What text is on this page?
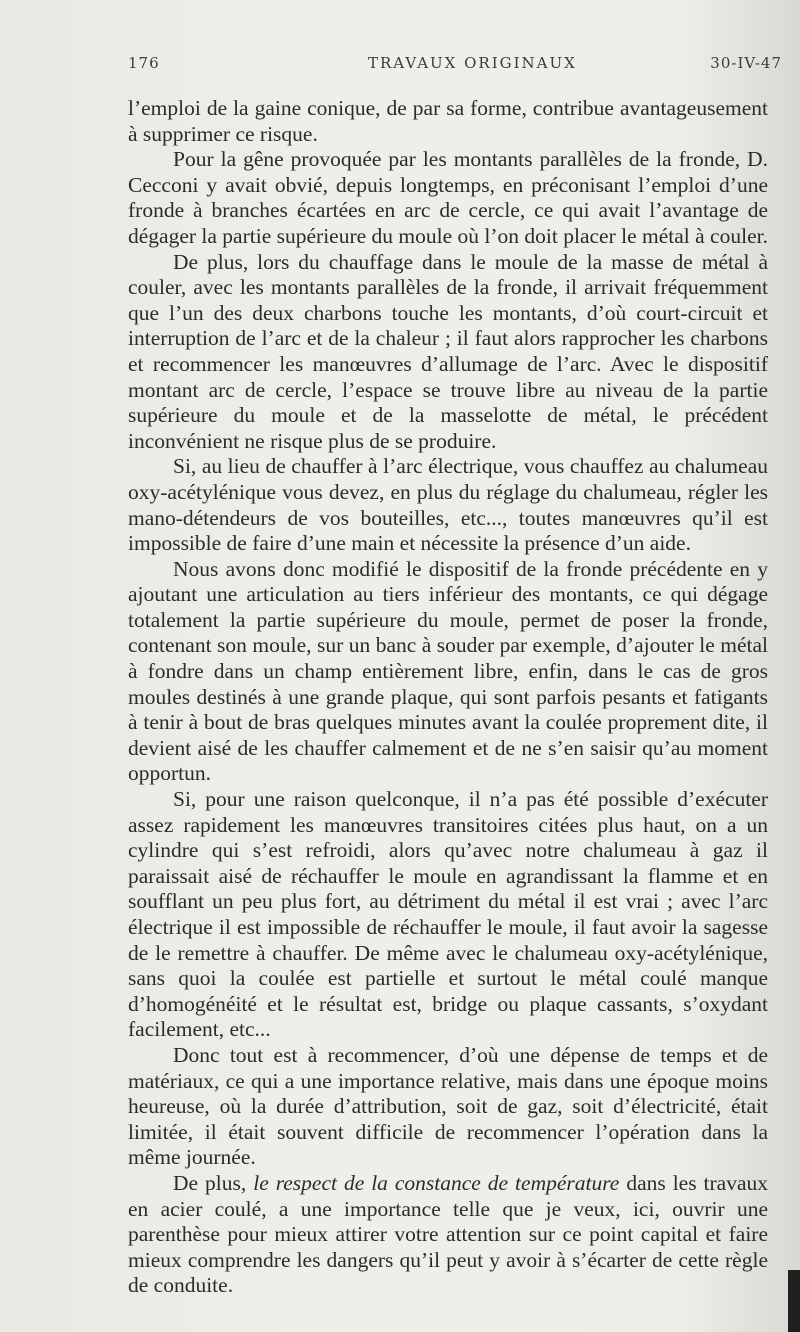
176	TRAVAUX ORIGINAUX	30-IV-47

l’emploi de la gaine conique, de par sa forme, contribue avantageusement à supprimer ce risque.

Pour la gêne provoquée par les montants parallèles de la fronde, D. Cecconi y avait obvié, depuis longtemps, en préconisant l’emploi d’une fronde à branches écartées en arc de cercle, ce qui avait l’avantage de dégager la partie supérieure du moule où l’on doit placer le métal à couler.

De plus, lors du chauffage dans le moule de la masse de métal à couler, avec les montants parallèles de la fronde, il arrivait fréquemment que l’un des deux charbons touche les montants, d’où court-circuit et interruption de l’arc et de la chaleur ; il faut alors rapprocher les charbons et recommencer les manœuvres d’allumage de l’arc. Avec le dispositif montant arc de cercle, l’espace se trouve libre au niveau de la partie supérieure du moule et de la masselotte de métal, le précédent inconvénient ne risque plus de se produire.

Si, au lieu de chauffer à l’arc électrique, vous chauffez au chalumeau oxy-acétylénique vous devez, en plus du réglage du chalumeau, régler les mano-détendeurs de vos bouteilles, etc..., toutes manœuvres qu’il est impossible de faire d’une main et nécessite la présence d’un aide.

Nous avons donc modifié le dispositif de la fronde précédente en y ajoutant une articulation au tiers inférieur des montants, ce qui dégage totalement la partie supérieure du moule, permet de poser la fronde, contenant son moule, sur un banc à souder par exemple, d’ajouter le métal à fondre dans un champ entièrement libre, enfin, dans le cas de gros moules destinés à une grande plaque, qui sont parfois pesants et fatigants à tenir à bout de bras quelques minutes avant la coulée proprement dite, il devient aisé de les chauffer calmement et de ne s’en saisir qu’au moment opportun.

Si, pour une raison quelconque, il n’a pas été possible d’exécuter assez rapidement les manœuvres transitoires citées plus haut, on a un cylindre qui s’est refroidi, alors qu’avec notre chalumeau à gaz il paraissait aisé de réchauffer le moule en agrandissant la flamme et en soufflant un peu plus fort, au détriment du métal il est vrai ; avec l’arc électrique il est impossible de réchauffer le moule, il faut avoir la sagesse de le remettre à chauffer. De même avec le chalumeau oxy-acétylénique, sans quoi la coulée est partielle et surtout le métal coulé manque d’homogénéité et le résultat est, bridge ou plaque cassants, s’oxydant facilement, etc...

Donc tout est à recommencer, d’où une dépense de temps et de matériaux, ce qui a une importance relative, mais dans une époque moins heureuse, où la durée d’attribution, soit de gaz, soit d’électricité, était limitée, il était souvent difficile de recommencer l’opération dans la même journée.

De plus, le respect de la constance de température dans les travaux en acier coulé, a une importance telle que je veux, ici, ouvrir une parenthèse pour mieux attirer votre attention sur ce point capital et faire mieux comprendre les dangers qu’il peut y avoir à s’écarter de cette règle de conduite.
